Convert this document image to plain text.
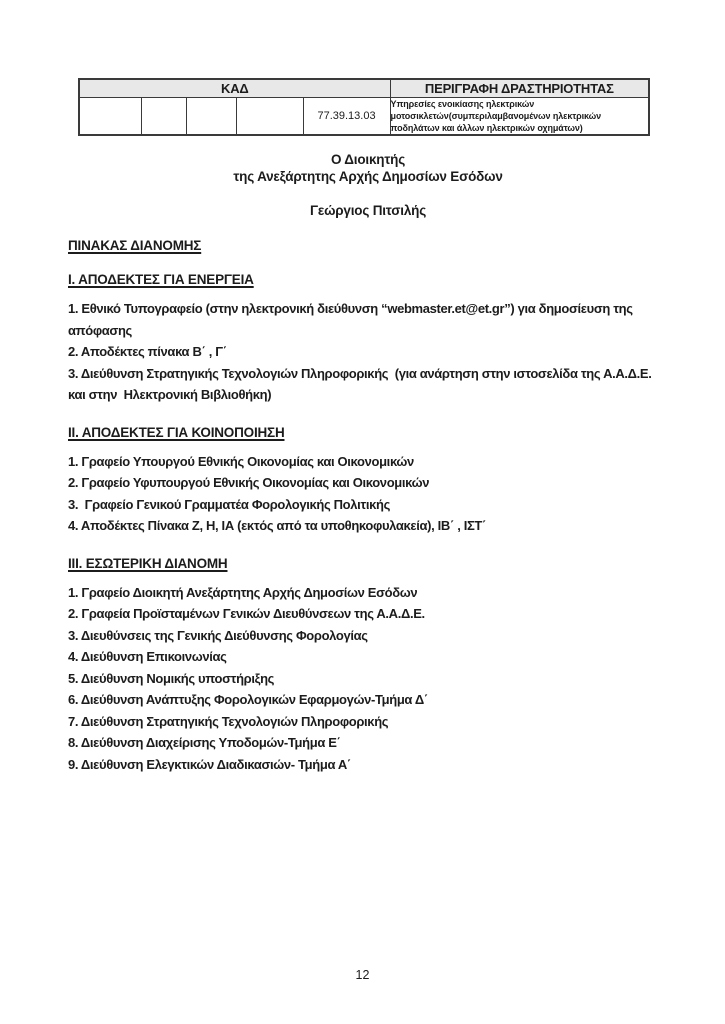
ΚΑΔ					ΠΕΡΙΓΡΑΦΗ ΔΡΑΣΤΗΡΙΟΤΗΤΑΣ
				77.39.13.03	Υπηρεσίες ενοικίασης ηλεκτρικών μοτοσικλετών(συμπεριλαμβανομένων ηλεκτρικών ποδηλάτων και άλλων ηλεκτρικών οχημάτων)
Ο Διοικητής
της Ανεξάρτητης Αρχής Δημοσίων Εσόδων
Γεώργιος Πιτσιλής
ΠΙΝΑΚΑΣ ΔΙΑΝΟΜΗΣ
Ι. ΑΠΟΔΕΚΤΕΣ ΓΙΑ ΕΝΕΡΓΕΙΑ
1. Εθνικό Τυπογραφείο (στην ηλεκτρονική διεύθυνση “webmaster.et@et.gr”) για δημοσίευση της απόφασης
2. Αποδέκτες πίνακα Β΄ , Γ΄
3. Διεύθυνση Στρατηγικής Τεχνολογιών Πληροφορικής  (για ανάρτηση στην ιστοσελίδα της Α.Α.Δ.Ε. και στην  Ηλεκτρονική Βιβλιοθήκη)
ΙΙ. ΑΠΟΔΕΚΤΕΣ ΓΙΑ ΚΟΙΝΟΠΟΙΗΣΗ
1. Γραφείο Υπουργού Εθνικής Οικονομίας και Οικονομικών
2. Γραφείο Υφυπουργού Εθνικής Οικονομίας και Οικονομικών
3.  Γραφείο Γενικού Γραμματέα Φορολογικής Πολιτικής
4. Αποδέκτες Πίνακα Ζ, Η, ΙΑ (εκτός από τα υποθηκοφυλακεία), ΙΒ΄ , ΙΣΤ΄
ΙΙΙ. ΕΣΩΤΕΡΙΚΗ ΔΙΑΝΟΜΗ
1. Γραφείο Διοικητή Ανεξάρτητης Αρχής Δημοσίων Εσόδων
2. Γραφεία Προϊσταμένων Γενικών Διευθύνσεων της Α.Α.Δ.Ε.
3. Διευθύνσεις της Γενικής Διεύθυνσης Φορολογίας
4. Διεύθυνση Επικοινωνίας
5. Διεύθυνση Νομικής υποστήριξης
6. Διεύθυνση Ανάπτυξης Φορολογικών Εφαρμογών-Τμήμα Δ΄
7. Διεύθυνση Στρατηγικής Τεχνολογιών Πληροφορικής
8. Διεύθυνση Διαχείρισης Υποδομών-Τμήμα Ε΄
9. Διεύθυνση Ελεγκτικών Διαδικασιών- Τμήμα Α΄
12
